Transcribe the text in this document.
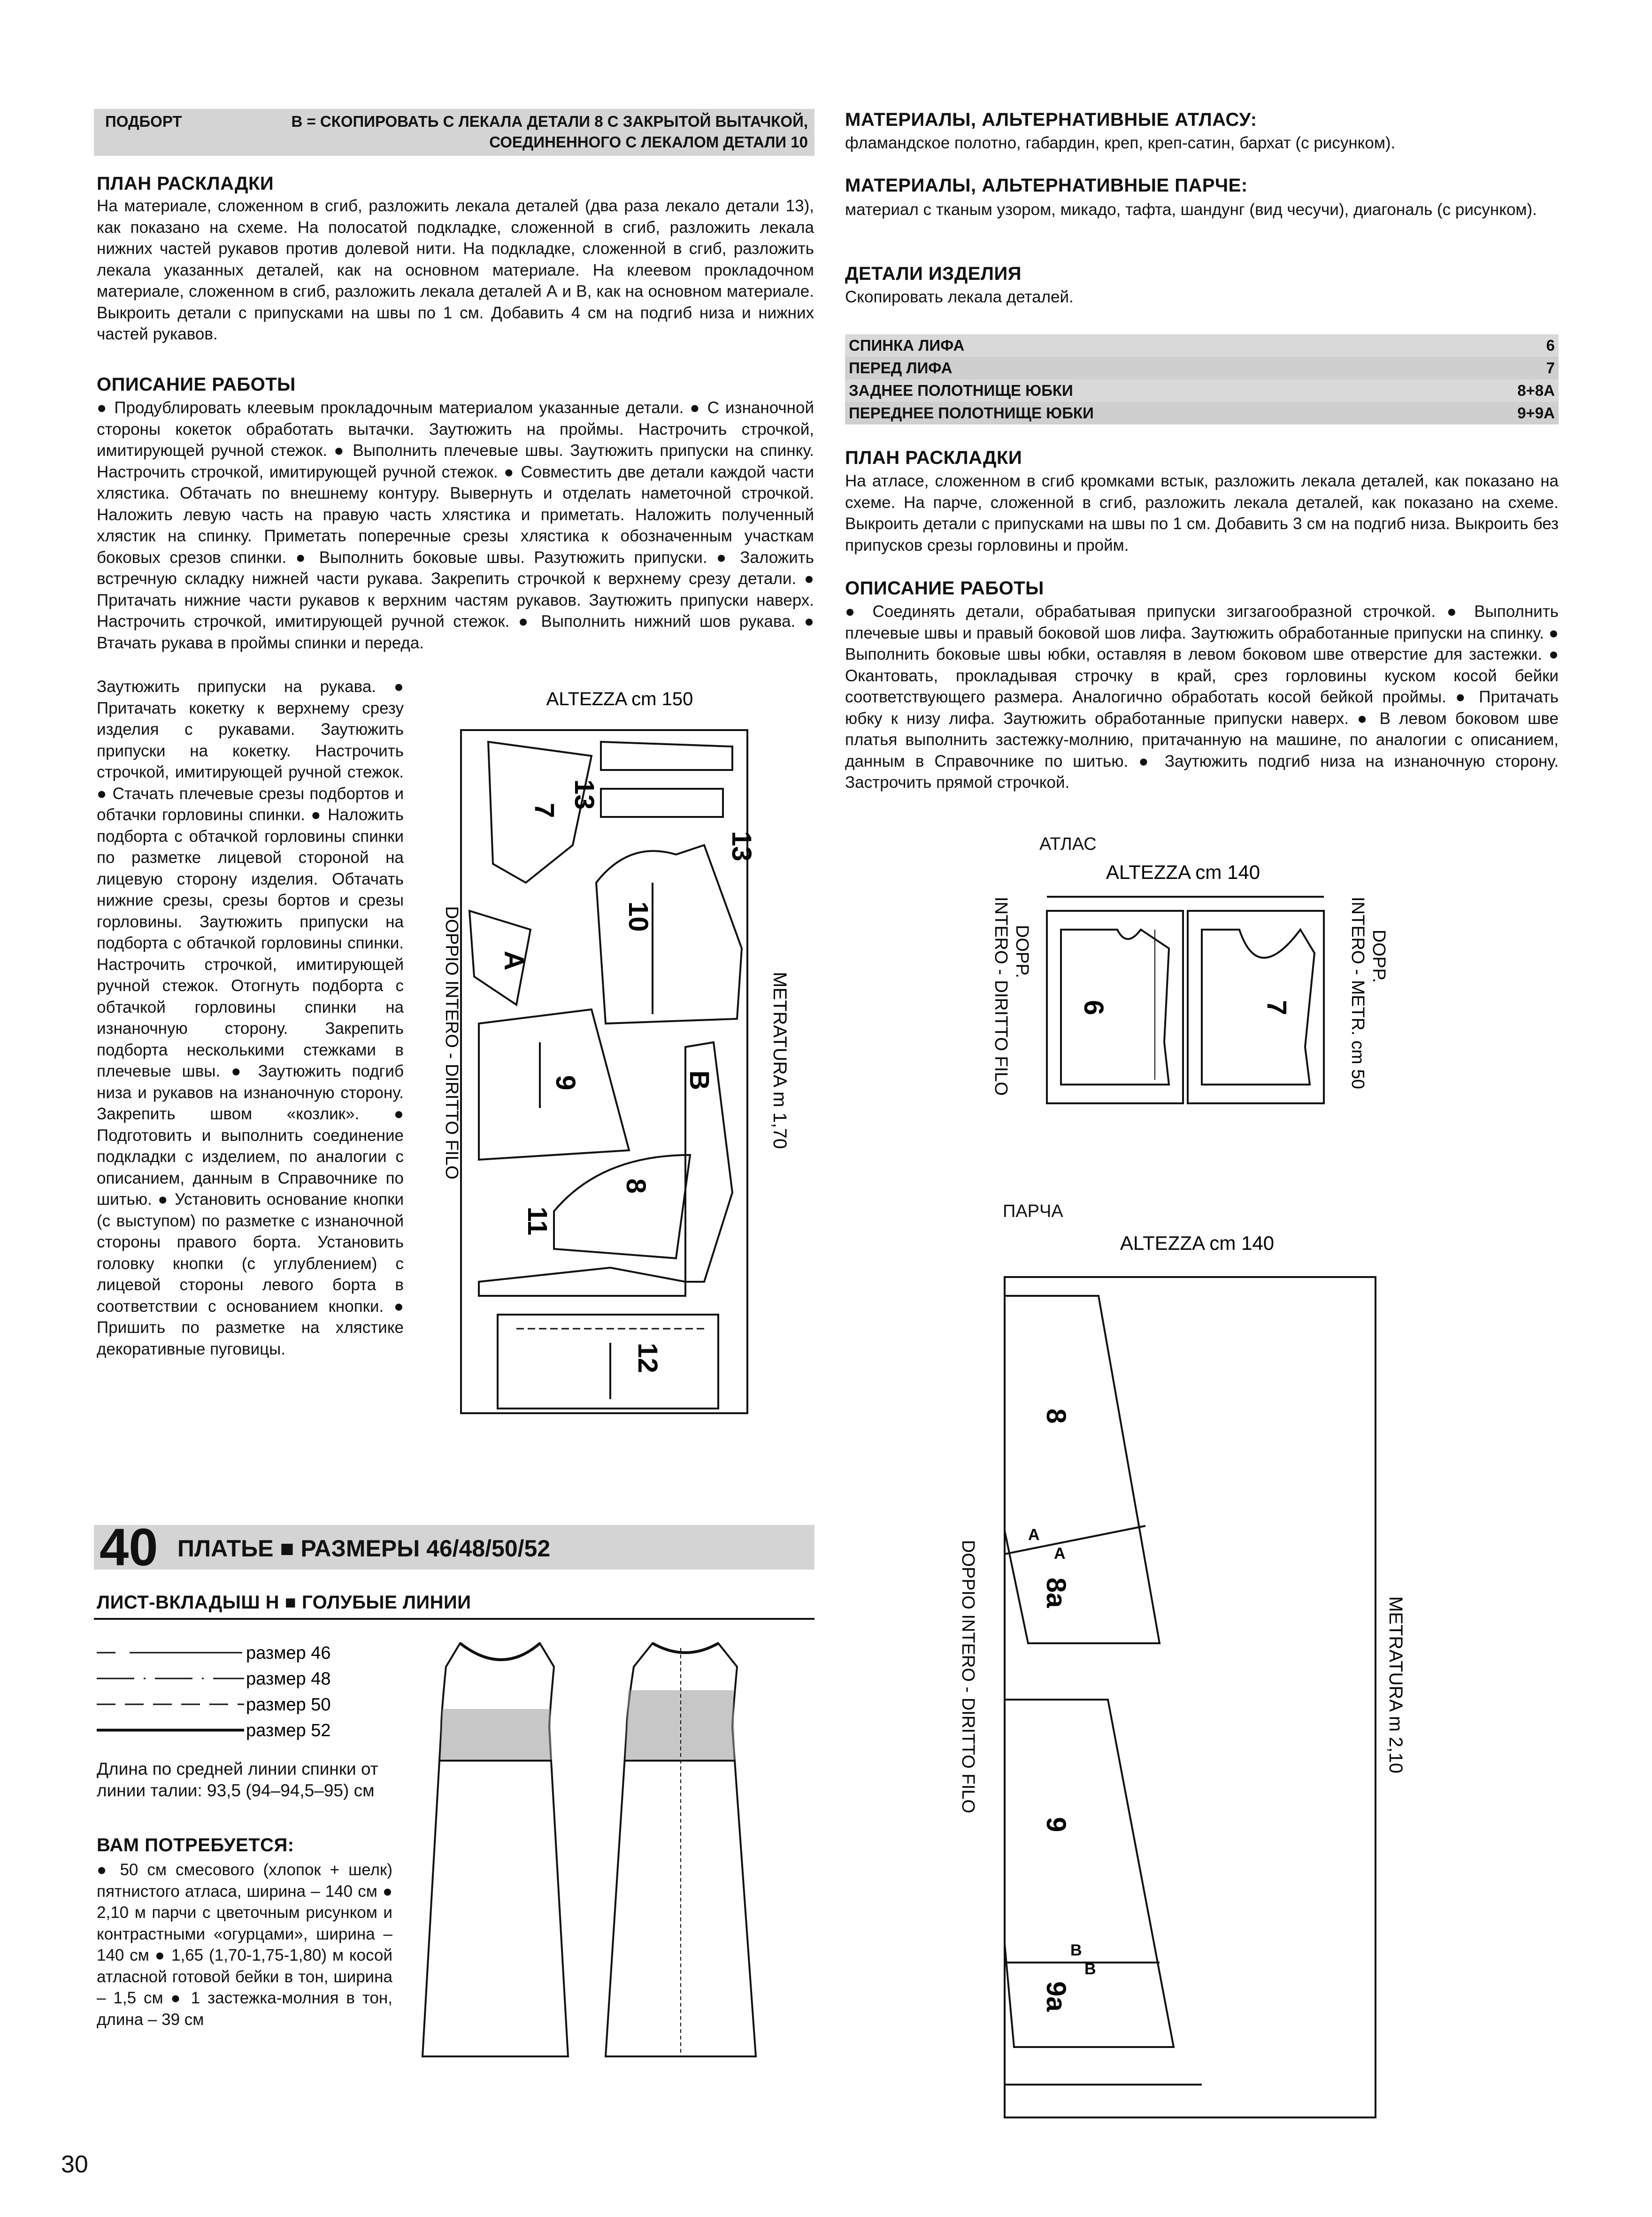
ПОДБОРТ	В = СКОПИРОВАТЬ С ЛЕКАЛА ДЕТАЛИ 8 С ЗАКРЫТОЙ ВЫТАЧКОЙ,
СОЕДИНЕННОГО С ЛЕКАЛОМ ДЕТАЛИ 10
ПЛАН РАСКЛАДКИ

На материале, сложенном в сгиб, разложить лекала деталей (два раза лекало детали 13), как показано на схеме. На полосатой подкладке, сложенной в сгиб, разложить лекала нижних частей рукавов против долевой нити. На подкладке, сложенной в сгиб, разложить лекала указанных деталей, как на основном материале. На клеевом прокладочном материале, сложенном в сгиб, разложить лекала деталей А и В, как на основном материале. Выкроить детали с припусками на швы по 1 см. Добавить 4 см на подгиб низа и нижних частей рукавов.

ОПИСАНИЕ РАБОТЫ

● Продублировать клеевым прокладочным материалом указанные детали. ● С изнаночной стороны кокеток обработать вытачки. Заутюжить на проймы. Настрочить строчкой, имитирующей ручной стежок. ● Выполнить плечевые швы. Заутюжить припуски на спинку. Настрочить строчкой, имитирующей ручной стежок. ● Совместить две детали каждой части хлястика. Обтачать по внешнему контуру. Вывернуть и отделать наметочной строчкой. Наложить левую часть на правую часть хлястика и приметать. Наложить полученный хлястик на спинку. Приметать поперечные срезы хлястика к обозначенным участкам боковых срезов спинки. ● Выполнить боковые швы. Разутюжить припуски. ● Заложить встречную складку нижней части рукава. Закрепить строчкой к верхнему срезу детали. ● Притачать нижние части рукавов к верхним частям рукавов. Заутюжить припуски наверх. Настрочить строчкой, имитирующей ручной стежок. ● Выполнить нижний шов рукава. ● Втачать рукава в проймы спинки и переда.

Заутюжить припуски на рукава. ● Притачать кокетку к верхнему срезу изделия с рукавами. Заутюжить припуски на кокетку. Настрочить строчкой, имитирующей ручной стежок. ● Стачать плечевые срезы подбортов и обтачки горловины спинки. ● Наложить подборта с обтачкой горловины спинки по разметке лицевой стороной на лицевую сторону изделия. Обтачать нижние срезы, срезы бортов и срезы горловины. Заутюжить припуски на подборта с обтачкой горловины спинки. Настрочить строчкой, имитирующей ручной стежок. Отогнуть подборта с обтачкой горловины спинки на изнаночную сторону. Закрепить подборта несколькими стежками в плечевые швы. ● Заутюжить подгиб низа и рукавов на изнаночную сторону. Закрепить швом «козлик». ● Подготовить и выполнить соединение подкладки с изделием, по аналогии с описанием, данным в Справочнике по шитью. ● Установить основание кнопки (с выступом) по разметке с изнаночной стороны правого борта. Установить головку кнопки (с углублением) с лицевой стороны левого борта в соответствии с основанием кнопки. ● Пришить по разметке на хлястике декоративные пуговицы.

ALTEZZA cm 150
13
13
7
10
A
9	B
8
11
12
DOPPIO INTERO - DIRITTO FILO	METRATURA m 1,70
40 ПЛАТЬЕ ■ РАЗМЕРЫ 46/48/50/52
ЛИСТ-ВКЛАДЫШ Н ■ ГОЛУБЫЕ ЛИНИИ
размер 46
размер 48
размер 50
размер 52

Длина по средней линии спинки от линии талии: 93,5 (94–94,5–95) см

ВАМ ПОТРЕБУЕТСЯ:

● 50 см смесового (хлопок + шелк) пятнистого атласа, ширина – 140 см ● 2,10 м парчи с цветочным рисунком и контрастными «огурцами», ширина – 140 см ● 1,65 (1,70-1,75-1,80) м косой атласной готовой бейки в тон, ширина – 1,5 см ● 1 застежка-молния в тон, длина – 39 см

МАТЕРИАЛЫ, АЛЬТЕРНАТИВНЫЕ АТЛАСУ:

фламандское полотно, габардин, креп, креп-сатин, бархат (с рисунком).

МАТЕРИАЛЫ, АЛЬТЕРНАТИВНЫЕ ПАРЧЕ:

материал с тканым узором, микадо, тафта, шандунг (вид чесучи), диагональ (с рисунком).

ДЕТАЛИ ИЗДЕЛИЯ

Скопировать лекала деталей.

СПИНКА ЛИФА	6
ПЕРЕД ЛИФА	7
ЗАДНЕЕ ПОЛОТНИЩЕ ЮБКИ	8+8А
ПЕРЕДНЕЕ ПОЛОТНИЩЕ ЮБКИ	9+9А
ПЛАН РАСКЛАДКИ

На атласе, сложенном в сгиб кромками встык, разложить лекала деталей, как показано на схеме. На парче, сложенной в сгиб, разложить лекала деталей, как показано на схеме. Выкроить детали с припусками на швы по 1 см. Добавить 3 см на подгиб низа. Выкроить без припусков срезы горловины и пройм.

ОПИСАНИЕ РАБОТЫ

● Соединять детали, обрабатывая припуски зигзагообразной строчкой. ● Выполнить плечевые швы и правый боковой шов лифа. Заутюжить обработанные припуски на спинку. ● Выполнить боковые швы юбки, оставляя в левом боковом шве отверстие для застежки. ● Окантовать, прокладывая строчку в край, срез горловины куском косой бейки соответствующего размера. Аналогично обработать косой бейкой проймы. ● Притачать юбку к низу лифа. Заутюжить обработанные припуски наверх. ● В левом боковом шве платья выполнить застежку-молнию, притачанную на машине, по аналогии с описанием, данным в Справочнике по шитью. ● Заутюжить подгиб низа на изнаночную сторону. Застрочить прямой строчкой.

АТЛАС
ALTEZZA cm 140
6	7
INTERO - DIRITTO FILO DOPP.	INTERO - METR. cm 50 DOPP.
ПАРЧА
ALTEZZA cm 140
8
8a
9
9a
A
A
B
B
DOPPIO INTERO - DIRITTO FILO	METRATURA m 2,10
30
